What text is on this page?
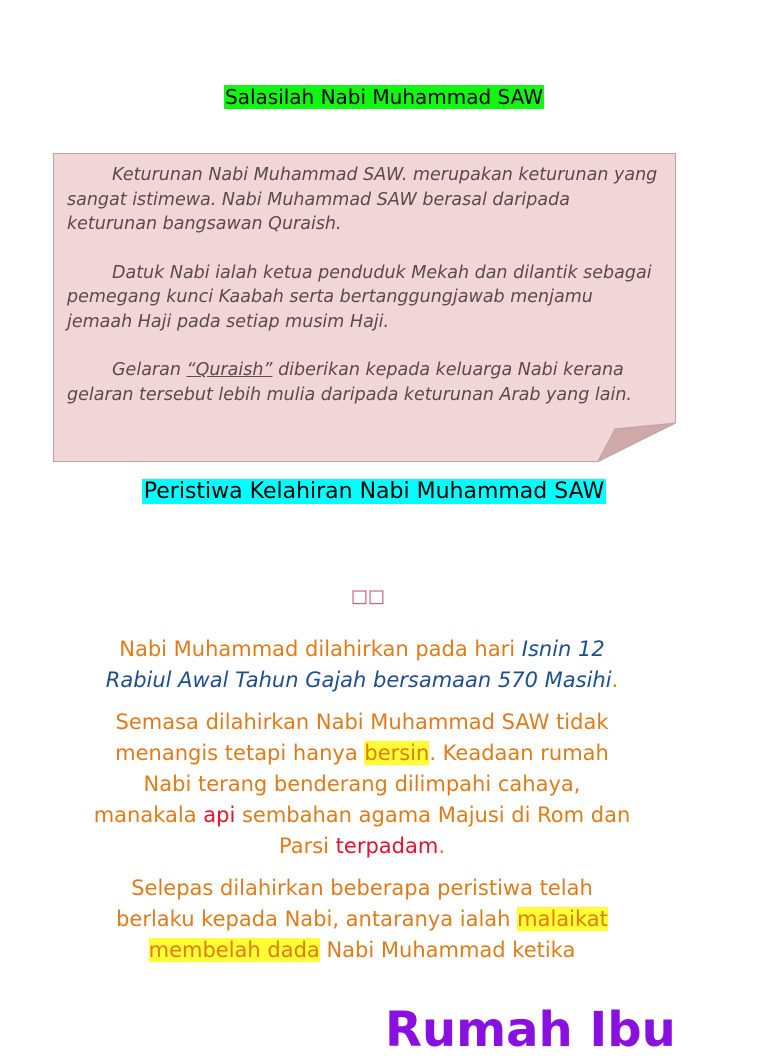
Salasilah Nabi Muhammad SAW

Keturunan Nabi Muhammad SAW. merupakan keturunan yang sangat istimewa. Nabi Muhammad SAW berasal daripada keturunan bangsawan Quraish.

Datuk Nabi ialah ketua penduduk Mekah dan dilantik sebagai pemegang kunci Kaabah serta bertanggungjawab menjamu jemaah Haji pada setiap musim Haji.

Gelaran “Quraish” diberikan kepada keluarga Nabi kerana gelaran tersebut lebih mulia daripada keturunan Arab yang lain.

Peristiwa Kelahiran Nabi Muhammad SAW
□□

Nabi Muhammad dilahirkan pada hari Isnin 12 Rabiul Awal Tahun Gajah bersamaan 570 Masihi.

Semasa dilahirkan Nabi Muhammad SAW tidak menangis tetapi hanya bersin. Keadaan rumah Nabi terang benderang dilimpahi cahaya, manakala api sembahan agama Majusi di Rom dan Parsi terpadam.

Selepas dilahirkan beberapa peristiwa telah berlaku kepada Nabi, antaranya ialah malaikat membelah dada Nabi Muhammad ketika

Rumah Ibu
